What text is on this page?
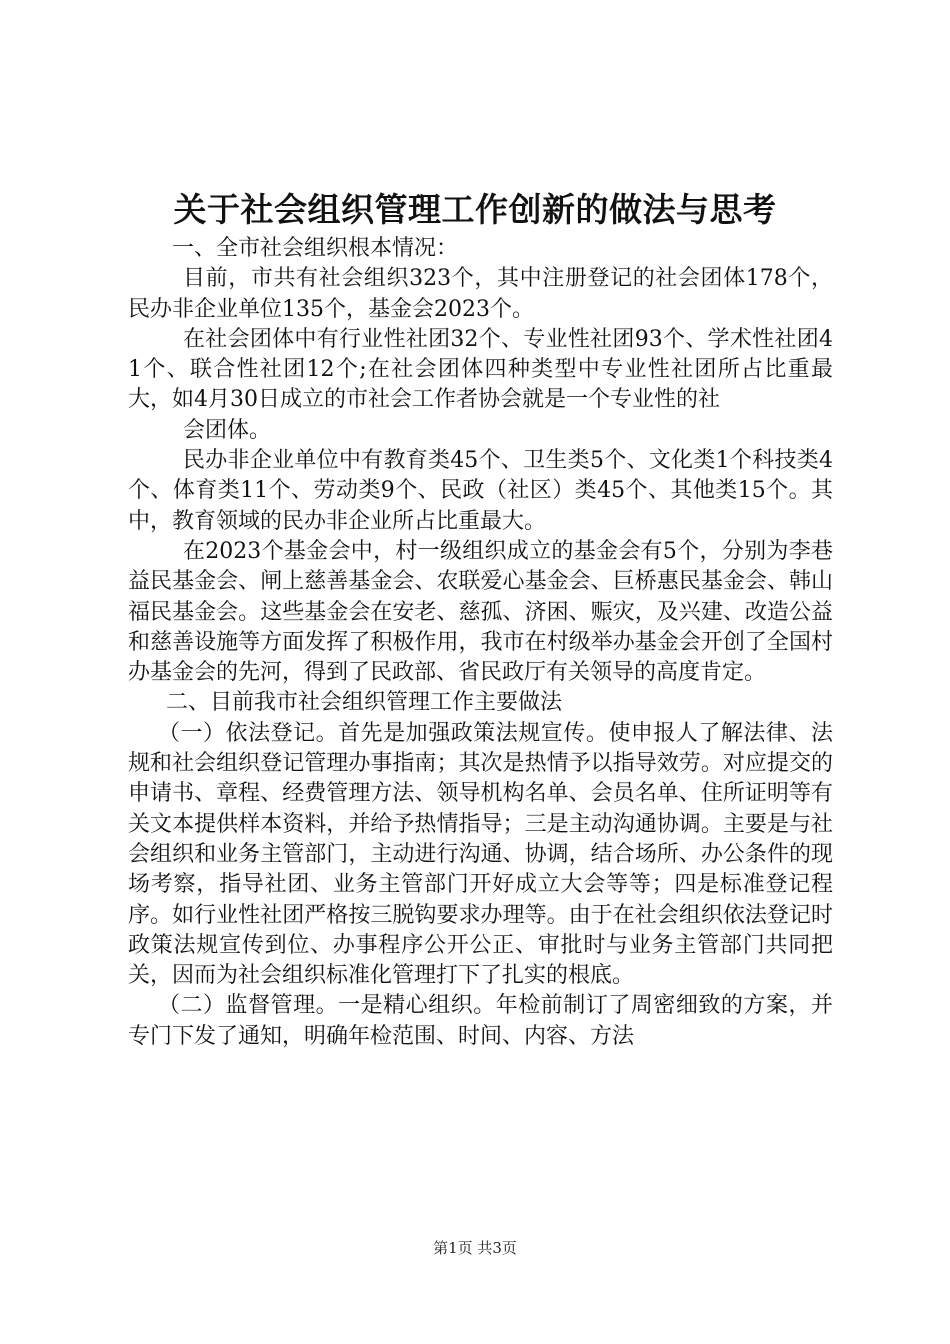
关于社会组织管理工作创新的做法与思考

一、全市社会组织根本情况：

目前，市共有社会组织323个，其中注册登记的社会团体178个，民办非企业单位135个，基金会2023个。

在社会团体中有行业性社团32个、专业性社团93个、学术性社团41个、联合性社团12个;在社会团体四种类型中专业性社团所占比重最大，如4月30日成立的市社会工作者协会就是一个专业性的社

会团体。

民办非企业单位中有教育类45个、卫生类5个、文化类1个科技类4个、体育类11个、劳动类9个、民政（社区）类45个、其他类15个。其中，教育领域的民办非企业所占比重最大。

在2023个基金会中，村一级组织成立的基金会有5个，分别为李巷益民基金会、闸上慈善基金会、农联爱心基金会、巨桥惠民基金会、韩山福民基金会。这些基金会在安老、慈孤、济困、赈灾，及兴建、改造公益和慈善设施等方面发挥了积极作用，我市在村级举办基金会开创了全国村办基金会的先河，得到了民政部、省民政厅有关领导的高度肯定。

二、目前我市社会组织管理工作主要做法

（一）依法登记。首先是加强政策法规宣传。使申报人了解法律、法规和社会组织登记管理办事指南；其次是热情予以指导效劳。对应提交的申请书、章程、经费管理方法、领导机构名单、会员名单、住所证明等有关文本提供样本资料，并给予热情指导；三是主动沟通协调。主要是与社会组织和业务主管部门，主动进行沟通、协调，结合场所、办公条件的现场考察，指导社团、业务主管部门开好成立大会等等；四是标准登记程序。如行业性社团严格按三脱钩要求办理等。由于在社会组织依法登记时政策法规宣传到位、办事程序公开公正、审批时与业务主管部门共同把关，因而为社会组织标准化管理打下了扎实的根底。

（二）监督管理。一是精心组织。年检前制订了周密细致的方案，并专门下发了通知，明确年检范围、时间、内容、方法

第1页 共3页
